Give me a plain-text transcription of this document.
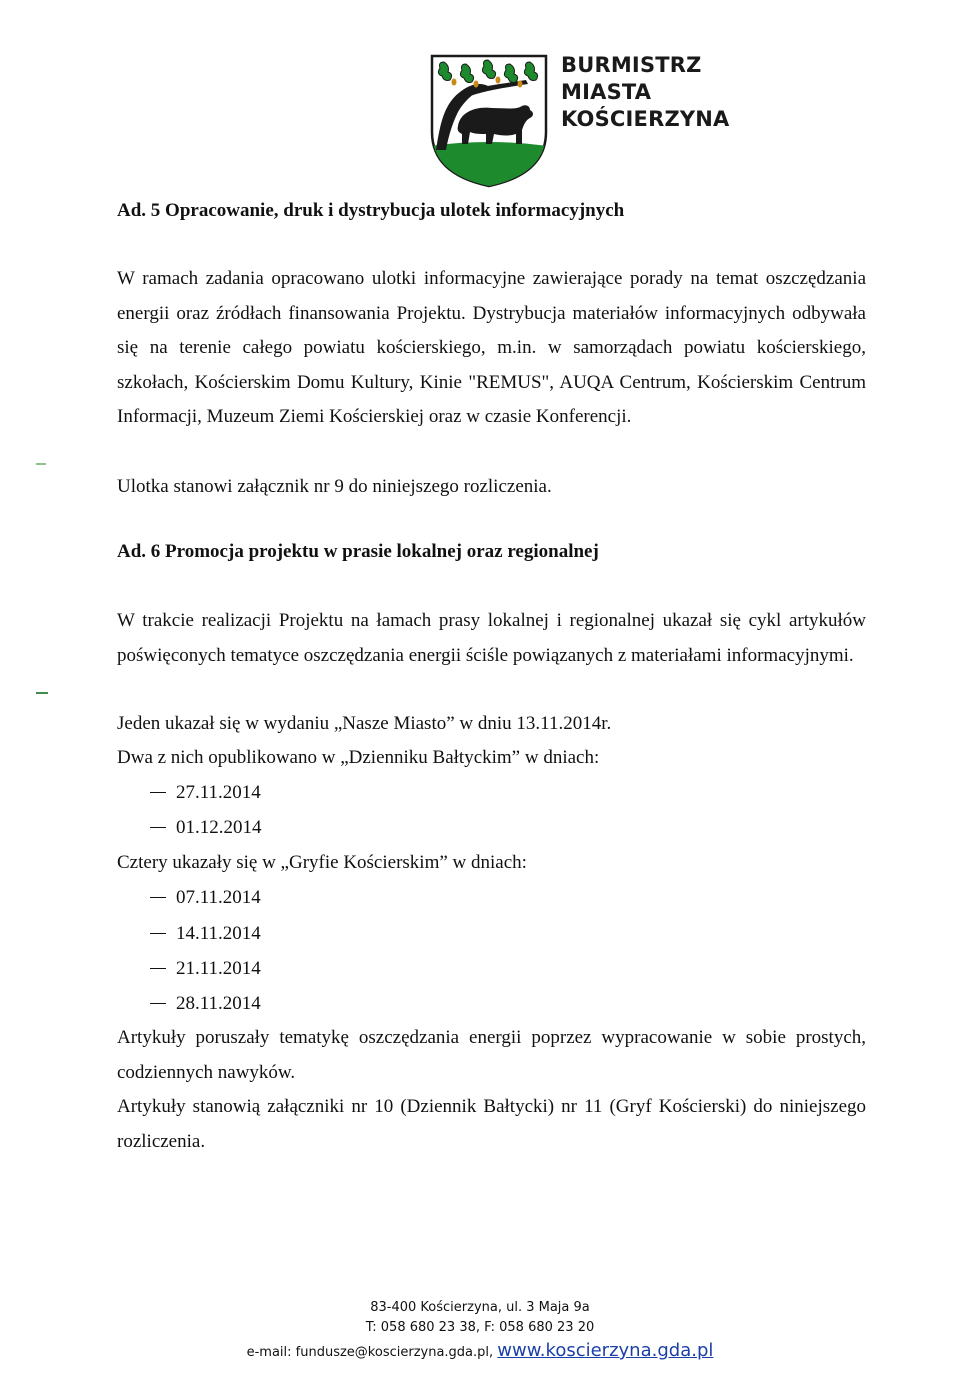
BURMISTRZ
MIASTA
KOŚCIERZYNA
Ad. 5 Opracowanie, druk i dystrybucja ulotek informacyjnych
W ramach zadania opracowano ulotki informacyjne zawierające porady na temat oszczędzania energii oraz źródłach finansowania Projektu. Dystrybucja materiałów informacyjnych odbywała się na terenie całego powiatu kościerskiego, m.in. w samorządach powiatu kościerskiego, szkołach, Kościerskim Domu Kultury, Kinie "REMUS", AUQA Centrum, Kościerskim Centrum Informacji, Muzeum Ziemi Kościerskiej oraz w czasie Konferencji.
Ulotka stanowi załącznik nr 9 do niniejszego rozliczenia.
Ad. 6 Promocja projektu w prasie lokalnej oraz regionalnej
W trakcie realizacji Projektu na łamach prasy lokalnej i regionalnej ukazał się cykl artykułów poświęconych tematyce oszczędzania energii ściśle powiązanych z materiałami informacyjnymi.
Jeden ukazał się w wydaniu „Nasze Miasto” w dniu 13.11.2014r.
Dwa z nich opublikowano w „Dzienniku Bałtyckim” w dniach:
27.11.2014
01.12.2014
Cztery ukazały się w „Gryfie Kościerskim” w dniach:
07.11.2014
14.11.2014
21.11.2014
28.11.2014
Artykuły poruszały tematykę oszczędzania energii poprzez wypracowanie w sobie prostych, codziennych nawyków.
Artykuły stanowią załączniki nr 10 (Dziennik Bałtycki) nr 11 (Gryf Kościerski) do niniejszego rozliczenia.
83-400 Kościerzyna, ul. 3 Maja 9a
T: 058 680 23 38, F: 058 680 23 20
e-mail: fundusze@koscierzyna.gda.pl, www.koscierzyna.gda.pl
